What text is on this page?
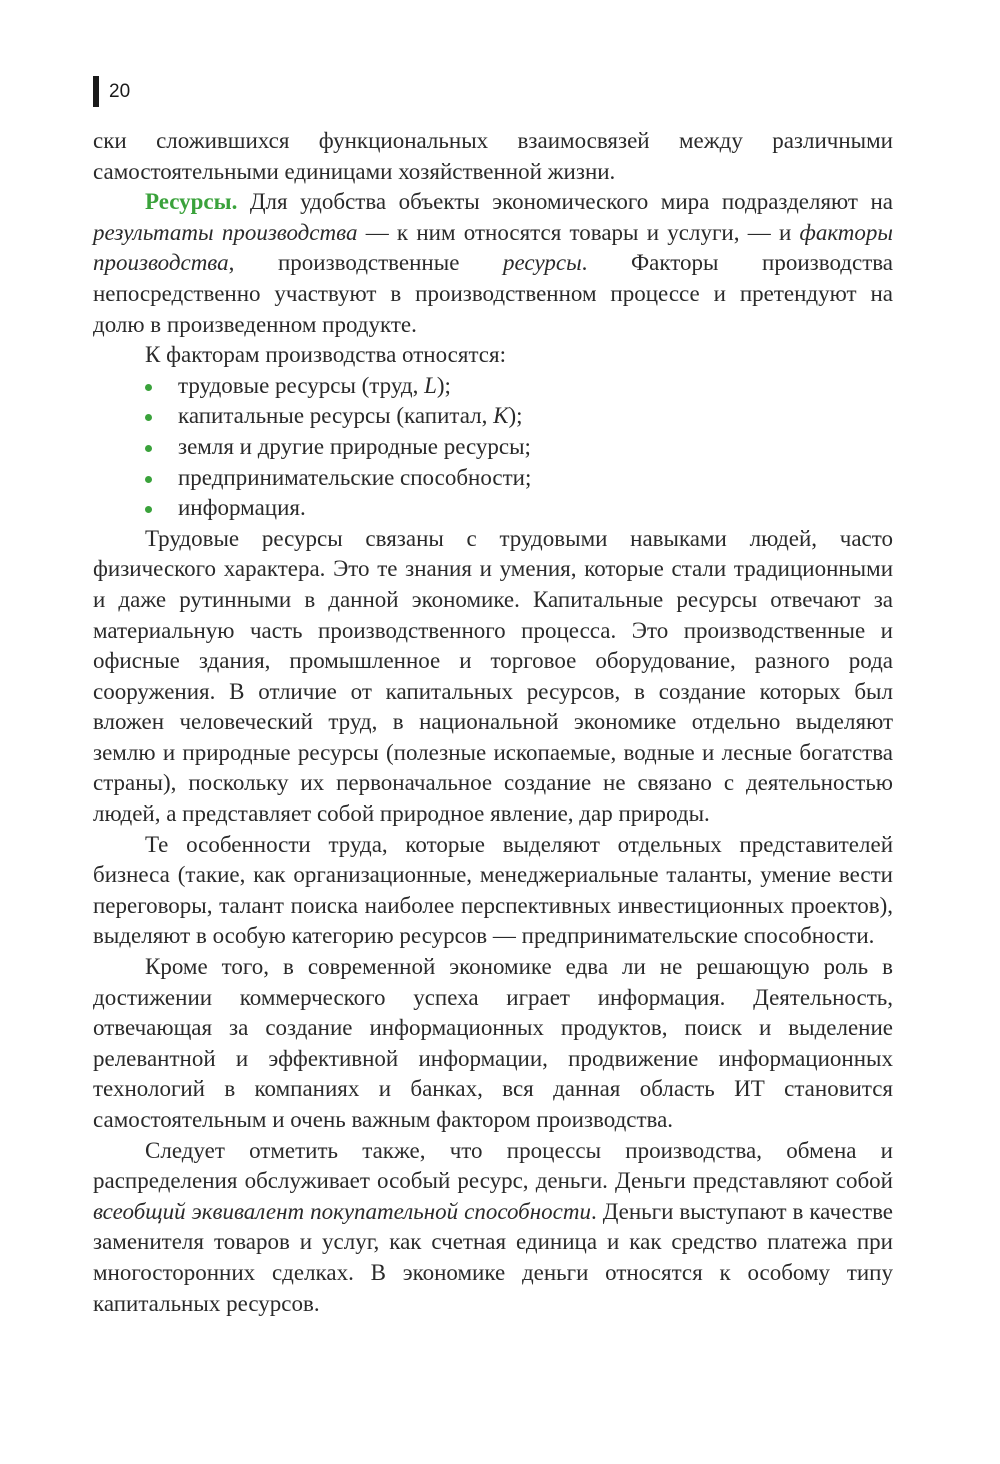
20

ски сложившихся функциональных взаимосвязей между различными самостоятельными единицами хозяйственной жизни.

Ресурсы. Для удобства объекты экономического мира подразделяют на результаты производства — к ним относятся товары и услуги, — и факторы производства, производственные ресурсы. Факторы производства непосредственно участвуют в производственном процессе и претендуют на долю в произведенном продукте.

К факторам производства относятся:

трудовые ресурсы (труд, L);
капитальные ресурсы (капитал, K);
земля и другие природные ресурсы;
предпринимательские способности;
информация.

Трудовые ресурсы связаны с трудовыми навыками людей, часто физического характера. Это те знания и умения, которые стали традиционными и даже рутинными в данной экономике. Капитальные ресурсы отвечают за материальную часть производственного процесса. Это производственные и офисные здания, промышленное и торговое оборудование, разного рода сооружения. В отличие от капитальных ресурсов, в создание которых был вложен человеческий труд, в национальной экономике отдельно выделяют землю и природные ресурсы (полезные ископаемые, водные и лесные богатства страны), поскольку их первоначальное создание не связано с деятельностью людей, а представляет собой природное явление, дар природы.

Те особенности труда, которые выделяют отдельных представителей бизнеса (такие, как организационные, менеджериальные таланты, умение вести переговоры, талант поиска наиболее перспективных инвестиционных проектов), выделяют в особую категорию ресурсов — предпринимательские способности.

Кроме того, в современной экономике едва ли не решающую роль в достижении коммерческого успеха играет информация. Деятельность, отвечающая за создание информационных продуктов, поиск и выделение релевантной и эффективной информации, продвижение информационных технологий в компаниях и банках, вся данная область ИТ становится самостоятельным и очень важным фактором производства.

Следует отметить также, что процессы производства, обмена и распределения обслуживает особый ресурс, деньги. Деньги представляют собой всеобщий эквивалент покупательной способности. Деньги выступают в качестве заменителя товаров и услуг, как счетная единица и как средство платежа при многосторонних сделках. В экономике деньги относятся к особому типу капитальных ресурсов.
